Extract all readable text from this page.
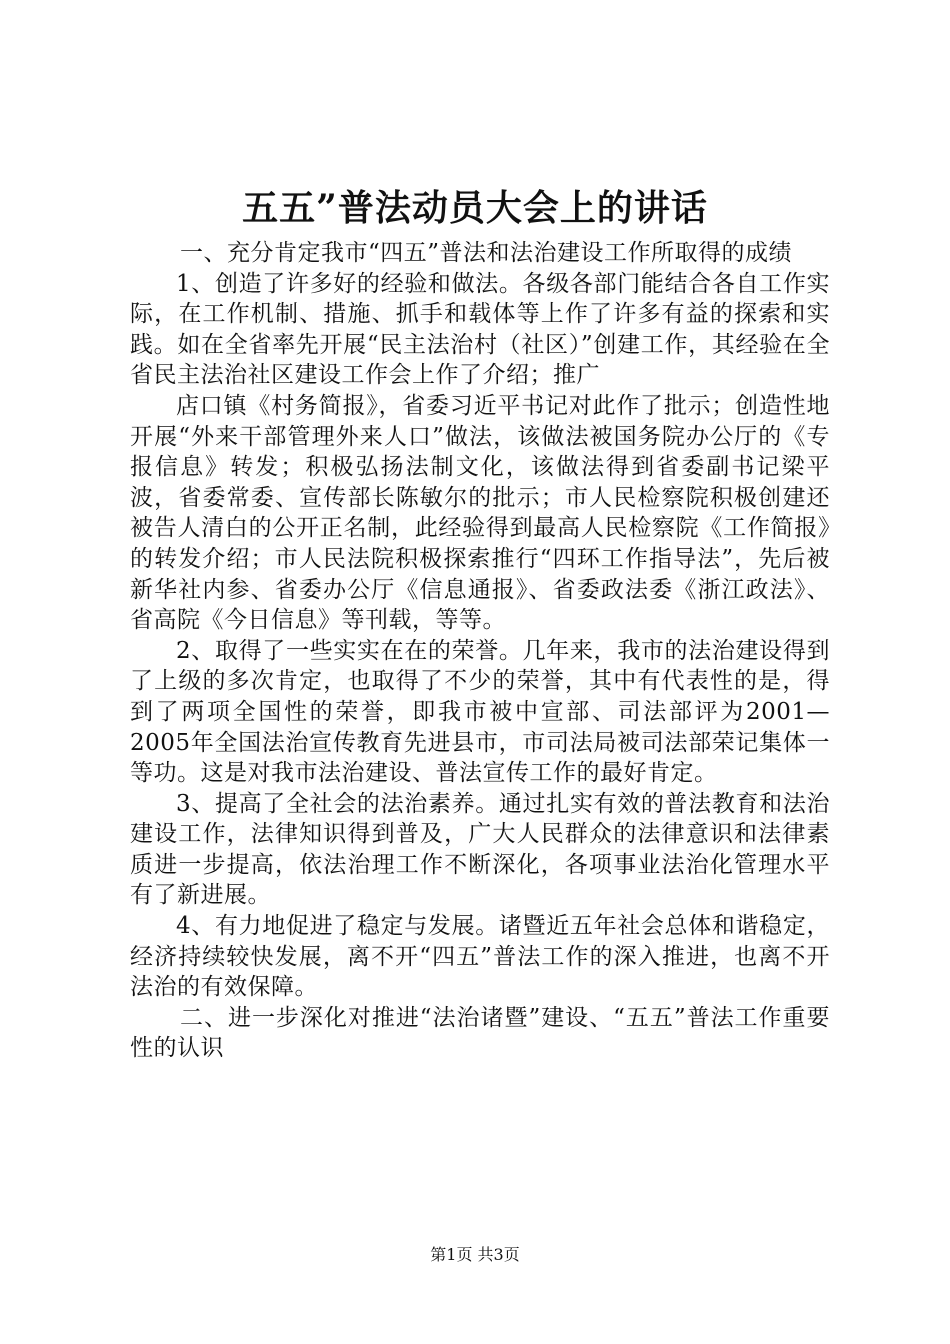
五五”普法动员大会上的讲话

一、充分肯定我市“四五”普法和法治建设工作所取得的成绩

1、创造了许多好的经验和做法。各级各部门能结合各自工作实际，在工作机制、措施、抓手和载体等上作了许多有益的探索和实践。如在全省率先开展“民主法治村（社区）”创建工作，其经验在全省民主法治社区建设工作会上作了介绍；推广

店口镇《村务简报》，省委习近平书记对此作了批示；创造性地开展“外来干部管理外来人口”做法，该做法被国务院办公厅的《专报信息》转发；积极弘扬法制文化，该做法得到省委副书记梁平波，省委常委、宣传部长陈敏尔的批示；市人民检察院积极创建还被告人清白的公开正名制，此经验得到最高人民检察院《工作简报》的转发介绍；市人民法院积极探索推行“四环工作指导法”，先后被新华社内参、省委办公厅《信息通报》、省委政法委《浙江政法》、省高院《今日信息》等刊载，等等。

2、取得了一些实实在在的荣誉。几年来，我市的法治建设得到了上级的多次肯定，也取得了不少的荣誉，其中有代表性的是，得到了两项全国性的荣誉，即我市被中宣部、司法部评为2001—2005年全国法治宣传教育先进县市，市司法局被司法部荣记集体一等功。这是对我市法治建设、普法宣传工作的最好肯定。

3、提高了全社会的法治素养。通过扎实有效的普法教育和法治建设工作，法律知识得到普及，广大人民群众的法律意识和法律素质进一步提高，依法治理工作不断深化，各项事业法治化管理水平有了新进展。

4、有力地促进了稳定与发展。诸暨近五年社会总体和谐稳定，经济持续较快发展，离不开“四五”普法工作的深入推进，也离不开法治的有效保障。

二、进一步深化对推进“法治诸暨”建设、“五五”普法工作重要性的认识

第1页 共3页
